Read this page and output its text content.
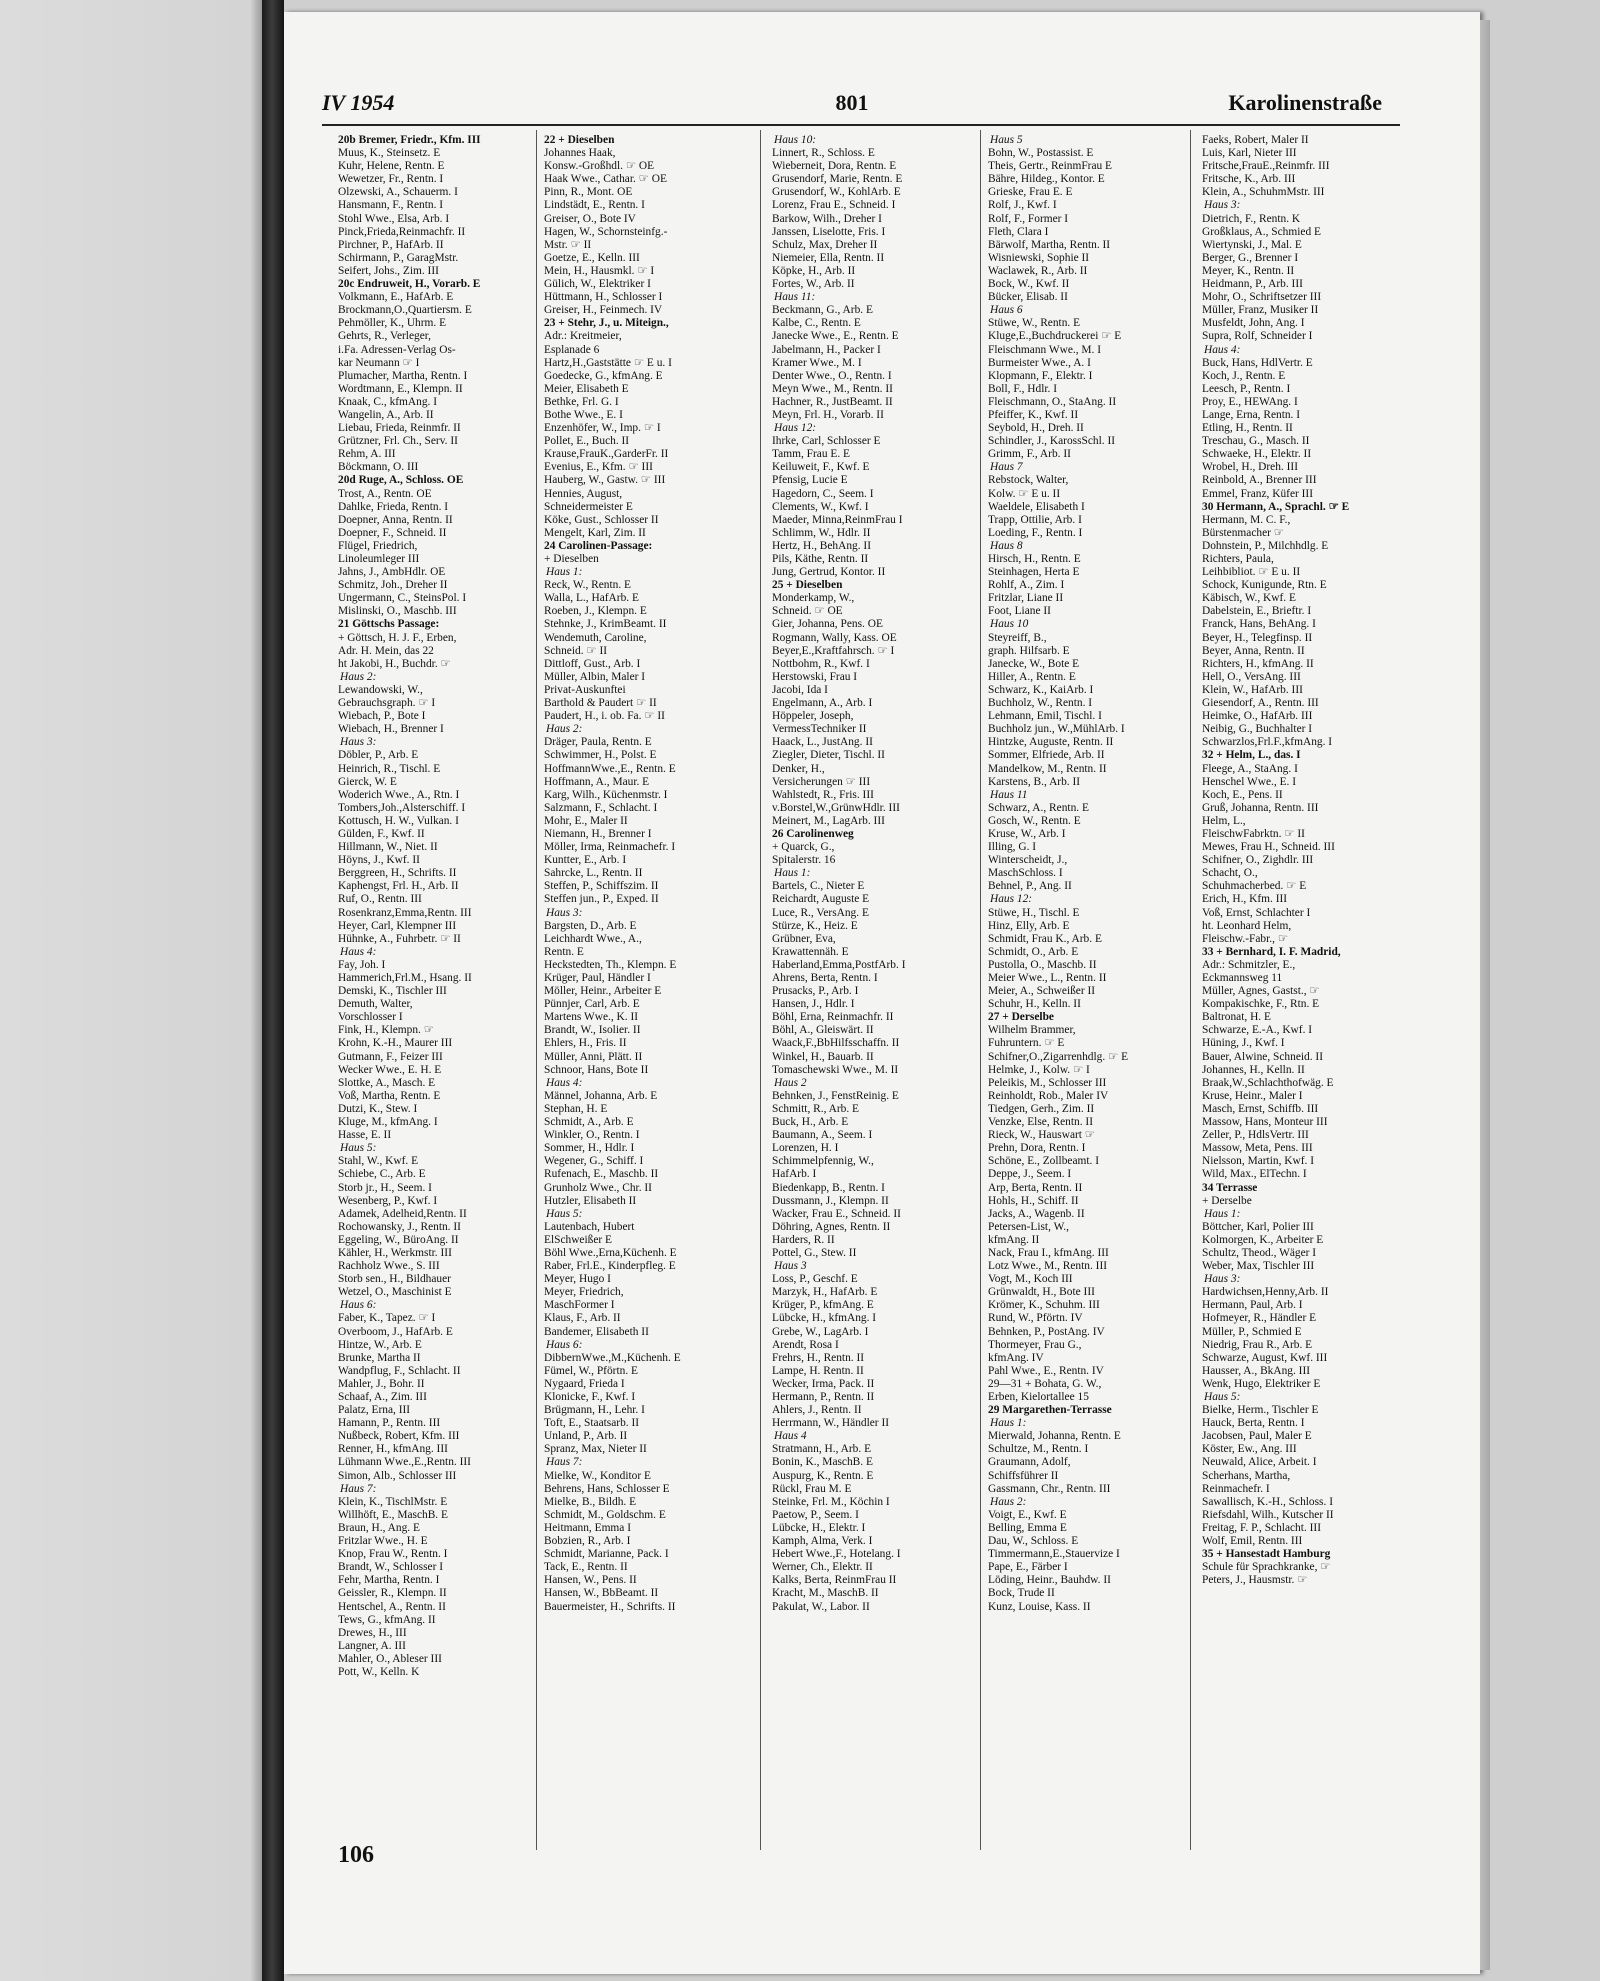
IV 1954	801	Karolinenstraße
20b Bremer, Friedr., Kfm. III
Muus, K., Steinsetz. E
Kuhr, Helene, Rentn. E
Wewetzer, Fr., Rentn. I
Olzewski, A., Schauerm. I
Hansmann, F., Rentn. I
Stohl Wwe., Elsa, Arb. I
Pinck,Frieda,Reinmachfr. II
Pirchner, P., HafArb. II
Schirmann, P., GaragMstr.
Seifert, Johs., Zim. III
20c Endruweit, H., Vorarb. E
Volkmann, E., HafArb. E
Brockmann,O.,Quartiersm. E
Pehmöller, K., Uhrm. E
Gehrts, R., Verleger,
i.Fa. Adressen-Verlag Os-
kar Neumann ☞ I
Plumacher, Martha, Rentn. I
Wordtmann, E., Klempn. II
Knaak, C., kfmAng. I
Wangelin, A., Arb. II
Liebau, Frieda, Reinmfr. II
Grützner, Frl. Ch., Serv. II
Rehm, A. III
Böckmann, O. III
20d Ruge, A., Schloss. OE
Trost, A., Rentn. OE
Dahlke, Frieda, Rentn. I
Doepner, Anna, Rentn. II
Doepner, F., Schneid. II
Flügel, Friedrich,
Linoleumleger III
Jahns, J., AmbHdlr. OE
Schmitz, Joh., Dreher II
Ungermann, C., SteinsPol. I
Mislinski, O., Maschb. III
21 Göttschs Passage:
+ Göttsch, H. J. F., Erben,
Adr. H. Mein, das 22
ht Jakobi, H., Buchdr. ☞
Haus 2:
Lewandowski, W.,
Gebrauchsgraph. ☞ I
Wiebach, P., Bote I
Wiebach, H., Brenner I
Haus 3:
Döbler, P., Arb. E
Heinrich, R., Tischl. E
Gierck, W. E
Woderich Wwe., A., Rtn. I
Tombers,Joh.,Alsterschiff. I
Kottusch, H. W., Vulkan. I
Gülden, F., Kwf. II
Hillmann, W., Niet. II
Höyns, J., Kwf. II
Berggreen, H., Schrifts. II
Kaphengst, Frl. H., Arb. II
Ruf, O., Rentn. III
Rosenkranz,Emma,Rentn. III
Heyer, Carl, Klempner III
Hühnke, A., Fuhrbetr. ☞ II
Haus 4:
Fay, Joh. I
Hammerich,Frl.M., Hsang. II
Demski, K., Tischler III
Demuth, Walter,
Vorschlosser I
Fink, H., Klempn. ☞
Krohn, K.-H., Maurer III
Gutmann, F., Feizer III
Wecker Wwe., E. H. E
Slottke, A., Masch. E
Voß, Martha, Rentn. E
Dutzi, K., Stew. I
Kluge, M., kfmAng. I
Hasse, E. II
Haus 5:
Stahl, W., Kwf. E
Schiebe, C., Arb. E
Storb jr., H., Seem. I
Wesenberg, P., Kwf. I
Adamek, Adelheid,Rentn. II
Rochowansky, J., Rentn. II
Eggeling, W., BüroAng. II
Kähler, H., Werkmstr. III
Rachholz Wwe., S. III
Storb sen., H., Bildhauer
Wetzel, O., Maschinist E
Haus 6:
Faber, K., Tapez. ☞ I
Overboom, J., HafArb. E
Hintze, W., Arb. E
Brunke, Martha II
Wandpflug, F., Schlacht. II
Mahler, J., Bohr. II
Schaaf, A., Zim. III
Palatz, Erna, III
Hamann, P., Rentn. III
Nußbeck, Robert, Kfm. III
Renner, H., kfmAng. III
Lühmann Wwe.,E.,Rentn. III
Simon, Alb., Schlosser III
Haus 7:
Klein, K., TischlMstr. E
Willhöft, E., MaschB. E
Braun, H., Ang. E
Fritzlar Wwe., H. E
Knop, Frau W., Rentn. I
Brandt, W., Schlosser I
Fehr, Martha, Rentn. I
Geissler, R., Klempn. II
Hentschel, A., Rentn. II
Tews, G., kfmAng. II
Drewes, H., III
Langner, A. III
Mahler, O., Ableser III
Pott, W., Kelln. K
22 + Dieselben
Johannes Haak,
Konsw.-Großhdl. ☞ OE
Haak Wwe., Cathar. ☞ OE
Pinn, R., Mont. OE
Lindstädt, E., Rentn. I
Greiser, O., Bote IV
Hagen, W., Schornsteinfg.-
Mstr. ☞ II
Goetze, E., Kelln. III
Mein, H., Hausmkl. ☞ I
Gülich, W., Elektriker I
Hüttmann, H., Schlosser I
Greiser, H., Feinmech. IV
23 + Stehr, J., u. Miteign.,
Adr.: Kreitmeier,
Esplanade 6
Hartz,H.,Gaststätte ☞ E u. I
Goedecke, G., kfmAng. E
Meier, Elisabeth E
Bethke, Frl. G. I
Bothe Wwe., E. I
Enzenhöfer, W., Imp. ☞ I
Pollet, E., Buch. II
Krause,FrauK.,GarderFr. II
Evenius, E., Kfm. ☞ III
Hauberg, W., Gastw. ☞ III
Hennies, August,
Schneidermeister E
Köke, Gust., Schlosser II
Mengelt, Karl, Zim. II
24 Carolinen-Passage:
+ Dieselben
Haus 1:
Reck, W., Rentn. E
Walla, L., HafArb. E
Roeben, J., Klempn. E
Stehnke, J., KrimBeamt. II
Wendemuth, Caroline,
Schneid. ☞ II
Dittloff, Gust., Arb. I
Müller, Albin, Maler I
Privat-Auskunftei
Barthold & Paudert ☞ II
Paudert, H., i. ob. Fa. ☞ II
Haus 2:
Dräger, Paula, Rentn. E
Schwimmer, H., Polst. E
HoffmannWwe.,E., Rentn. E
Hoffmann, A., Maur. E
Karg, Wilh., Küchenmstr. I
Salzmann, F., Schlacht. I
Mohr, E., Maler II
Niemann, H., Brenner I
Möller, Irma, Reinmachefr. I
Kuntter, E., Arb. I
Sahrcke, L., Rentn. II
Steffen, P., Schiffszim. II
Steffen jun., P., Exped. II
Haus 3:
Bargsten, D., Arb. E
Leichhardt Wwe., A.,
Rentn. E
Heckstedten, Th., Klempn. E
Krüger, Paul, Händler I
Möller, Heinr., Arbeiter E
Pünnjer, Carl, Arb. E
Martens Wwe., K. II
Brandt, W., Isolier. II
Ehlers, H., Fris. II
Müller, Anni, Plätt. II
Schnoor, Hans, Bote II
Haus 4:
Männel, Johanna, Arb. E
Stephan, H. E
Schmidt, A., Arb. E
Winkler, O., Rentn. I
Sommer, H., Hdlr. I
Wegener, G., Schiff. I
Rufenach, E., Maschb. II
Grunholz Wwe., Chr. II
Hutzler, Elisabeth II
Haus 5:
Lautenbach, Hubert
ElSchweißer E
Böhl Wwe.,Erna,Küchenh. E
Raber, Frl.E., Kinderpfleg. E
Meyer, Hugo I
Meyer, Friedrich,
MaschFormer I
Klaus, F., Arb. II
Bandemer, Elisabeth II
Haus 6:
DibbernWwe.,M.,Küchenh. E
Fümel, W., Pförtn. E
Nygaard, Frieda I
Klonicke, F., Kwf. I
Brügmann, H., Lehr. I
Toft, E., Staatsarb. II
Unland, P., Arb. II
Spranz, Max, Nieter II
Haus 7:
Mielke, W., Konditor E
Behrens, Hans, Schlosser E
Mielke, B., Bildh. E
Schmidt, M., Goldschm. E
Heitmann, Emma I
Bobzien, R., Arb. I
Schmidt, Marianne, Pack. I
Tack, E., Rentn. II
Hansen, W., Pens. II
Hansen, W., BbBeamt. II
Bauermeister, H., Schrifts. II
Haus 10:
Linnert, R., Schloss. E
Wieberneit, Dora, Rentn. E
Grusendorf, Marie, Rentn. E
Grusendorf, W., KohlArb. E
Lorenz, Frau E., Schneid. I
Barkow, Wilh., Dreher I
Janssen, Liselotte, Fris. I
Schulz, Max, Dreher II
Niemeier, Ella, Rentn. II
Köpke, H., Arb. II
Fortes, W., Arb. II
Haus 11:
Beckmann, G., Arb. E
Kalbe, C., Rentn. E
Janecke Wwe., E., Rentn. E
Jabelmann, H., Packer I
Kramer Wwe., M. I
Denter Wwe., O., Rentn. I
Meyn Wwe., M., Rentn. II
Hachner, R., JustBeamt. II
Meyn, Frl. H., Vorarb. II
Haus 12:
Ihrke, Carl, Schlosser E
Tamm, Frau E. E
Keiluweit, F., Kwf. E
Pfensig, Lucie E
Hagedorn, C., Seem. I
Clements, W., Kwf. I
Maeder, Minna,ReinmFrau I
Schlimm, W., Hdlr. II
Hertz, H., BehAng. II
Pils, Käthe, Rentn. II
Jung, Gertrud, Kontor. II
25 + Dieselben
Monderkamp, W.,
Schneid. ☞ OE
Gier, Johanna, Pens. OE
Rogmann, Wally, Kass. OE
Beyer,E.,Kraftfahrsch. ☞ I
Nottbohm, R., Kwf. I
Herstowski, Frau I
Jacobi, Ida I
Engelmann, A., Arb. I
Höppeler, Joseph,
VermessTechniker II
Haack, L., JustAng. II
Ziegler, Dieter, Tischl. II
Denker, H.,
Versicherungen ☞ III
Wahlstedt, R., Fris. III
v.Borstel,W.,GrünwHdlr. III
Meinert, M., LagArb. III
26 Carolinenweg
+ Quarck, G.,
Spitalerstr. 16
Haus 1:
Bartels, C., Nieter E
Reichardt, Auguste E
Luce, R., VersAng. E
Stürze, K., Heiz. E
Grübner, Eva,
Krawattennäh. E
Haberland,Emma,PostfArb. I
Ahrens, Berta, Rentn. I
Prusacks, P., Arb. I
Hansen, J., Hdlr. I
Böhl, Erna, Reinmachfr. II
Böhl, A., Gleiswärt. II
Waack,F.,BbHilfsschaffn. II
Winkel, H., Bauarb. II
Tomaschewski Wwe., M. II
Haus 2
Behnken, J., FenstReinig. E
Schmitt, R., Arb. E
Buck, H., Arb. E
Baumann, A., Seem. I
Lorenzen, H. I
Schimmelpfennig, W.,
HafArb. I
Biedenkapp, B., Rentn. I
Dussmann, J., Klempn. II
Wacker, Frau E., Schneid. II
Döhring, Agnes, Rentn. II
Harders, R. II
Pottel, G., Stew. II
Haus 3
Loss, P., Geschf. E
Marzyk, H., HafArb. E
Krüger, P., kfmAng. E
Lübcke, H., kfmAng. I
Grebe, W., LagArb. I
Arendt, Rosa I
Frehrs, H., Rentn. II
Lampe, H. Rentn. II
Wecker, Irma, Pack. II
Hermann, P., Rentn. II
Ahlers, J., Rentn. II
Herrmann, W., Händler II
Haus 4
Stratmann, H., Arb. E
Bonin, K., MaschB. E
Auspurg, K., Rentn. E
Rückl, Frau M. E
Steinke, Frl. M., Köchin I
Paetow, P., Seem. I
Lübcke, H., Elektr. I
Kamph, Alma, Verk. I
Hebert Wwe.,F., Hotelang. I
Werner, Ch., Elektr. II
Kalks, Berta, ReinmFrau II
Kracht, M., MaschB. II
Pakulat, W., Labor. II
Haus 5
Bohn, W., Postassist. E
Theis, Gertr., ReinmFrau E
Bähre, Hildeg., Kontor. E
Grieske, Frau E. E
Rolf, J., Kwf. I
Rolf, F., Former I
Fleth, Clara I
Bärwolf, Martha, Rentn. II
Wisniewski, Sophie II
Waclawek, R., Arb. II
Bock, W., Kwf. II
Bücker, Elisab. II
Haus 6
Stüwe, W., Rentn. E
Kluge,E.,Buchdruckerei ☞ E
Fleischmann Wwe., M. I
Burmeister Wwe., A. I
Klopmann, F., Elektr. I
Boll, F., Hdlr. I
Fleischmann, O., StaAng. II
Pfeiffer, K., Kwf. II
Seybold, H., Dreh. II
Schindler, J., KarossSchl. II
Grimm, F., Arb. II
Haus 7
Rebstock, Walter,
Kolw. ☞ E u. II
Waeldele, Elisabeth I
Trapp, Ottilie, Arb. I
Loeding, F., Rentn. I
Haus 8
Hirsch, H., Rentn. E
Steinhagen, Herta E
Rohlf, A., Zim. I
Fritzlar, Liane II
Foot, Liane II
Haus 10
Steyreiff, B.,
graph. Hilfsarb. E
Janecke, W., Bote E
Hiller, A., Rentn. E
Schwarz, K., KaiArb. I
Buchholz, W., Rentn. I
Lehmann, Emil, Tischl. I
Buchholz jun., W.,MühlArb. I
Hintzke, Auguste, Rentn. II
Sommer, Elfriede, Arb. II
Mandelkow, M., Rentn. II
Karstens, B., Arb. II
Haus 11
Schwarz, A., Rentn. E
Gosch, W., Rentn. E
Kruse, W., Arb. I
Illing, G. I
Winterscheidt, J.,
MaschSchloss. I
Behnel, P., Ang. II
Haus 12:
Stüwe, H., Tischl. E
Hinz, Elly, Arb. E
Schmidt, Frau K., Arb. E
Schmidt, O., Arb. E
Pustolla, O., Maschb. II
Meier Wwe., L., Rentn. II
Meier, A., Schweißer II
Schuhr, H., Kelln. II
27 + Derselbe
Wilhelm Brammer,
Fuhruntern. ☞ E
Schifner,O.,Zigarrenhdlg. ☞ E
Helmke, J., Kolw. ☞ I
Peleikis, M., Schlosser III
Reinholdt, Rob., Maler IV
Tiedgen, Gerh., Zim. II
Venzke, Else, Rentn. II
Rieck, W., Hauswart ☞
Prehn, Dora, Rentn. I
Schöne, E., Zollbeamt. I
Deppe, J., Seem. I
Arp, Berta, Rentn. II
Hohls, H., Schiff. II
Jacks, A., Wagenb. II
Petersen-List, W.,
kfmAng. II
Nack, Frau I., kfmAng. III
Lotz Wwe., M., Rentn. III
Vogt, M., Koch III
Grünwaldt, H., Bote III
Krömer, K., Schuhm. III
Rund, W., Pförtn. IV
Behnken, P., PostAng. IV
Thormeyer, Frau G.,
kfmAng. IV
Pahl Wwe., E., Rentn. IV
29—31 + Bohata, G. W.,
Erben, Kielortallee 15
29 Margarethen-Terrasse
Haus 1:
Mierwald, Johanna, Rentn. E
Schultze, M., Rentn. I
Graumann, Adolf,
Schiffsführer II
Gassmann, Chr., Rentn. III
Haus 2:
Voigt, E., Kwf. E
Belling, Emma E
Dau, W., Schloss. E
Timmermann,E.,Stauervize I
Pape, E., Färber I
Löding, Heinr., Bauhdw. II
Bock, Trude II
Kunz, Louise, Kass. II
Faeks, Robert, Maler II
Luis, Karl, Nieter III
Fritsche,FrauE.,Reinmfr. III
Fritsche, K., Arb. III
Klein, A., SchuhmMstr. III
Haus 3:
Dietrich, F., Rentn. K
Großklaus, A., Schmied E
Wiertynski, J., Mal. E
Berger, G., Brenner I
Meyer, K., Rentn. II
Heidmann, P., Arb. III
Mohr, O., Schriftsetzer III
Müller, Franz, Musiker II
Musfeldt, John, Ang. I
Supra, Rolf, Schneider I
Haus 4:
Buck, Hans, HdlVertr. E
Koch, J., Rentn. E
Leesch, P., Rentn. I
Proy, E., HEWAng. I
Lange, Erna, Rentn. I
Etling, H., Rentn. II
Treschau, G., Masch. II
Schwaeke, H., Elektr. II
Wrobel, H., Dreh. III
Reinbold, A., Brenner III
Emmel, Franz, Küfer III
30 Hermann, A., Sprachl. ☞ E
Hermann, M. C. F.,
Bürstenmacher ☞
Dohnstein, P., Milchhdlg. E
Richters, Paula,
Leihbibliot. ☞ E u. II
Schock, Kunigunde, Rtn. E
Käbisch, W., Kwf. E
Dabelstein, E., Brieftr. I
Franck, Hans, BehAng. I
Beyer, H., Telegfinsp. II
Beyer, Anna, Rentn. II
Richters, H., kfmAng. II
Hell, O., VersAng. III
Klein, W., HafArb. III
Giesendorf, A., Rentn. III
Heimke, O., HafArb. III
Neibig, G., Buchhalter I
Schwarzlos,Frl.F.,kfmAng. I
32 + Helm, L., das. I
Fleege, A., StaAng. I
Henschel Wwe., E. I
Koch, E., Pens. II
Gruß, Johanna, Rentn. III
Helm, L.,
FleischwFabrktn. ☞ II
Mewes, Frau H., Schneid. III
Schifner, O., Zighdlr. III
Schacht, O.,
Schuhmacherbed. ☞ E
Erich, H., Kfm. III
Voß, Ernst, Schlachter I
ht. Leonhard Helm,
Fleischw.-Fabr., ☞
33 + Bernhard, I. F. Madrid,
Adr.: Schmitzler, E.,
Eckmannsweg 11
Müller, Agnes, Gastst., ☞
Kompakischke, F., Rtn. E
Baltronat, H. E
Schwarze, E.-A., Kwf. I
Hüning, J., Kwf. I
Bauer, Alwine, Schneid. II
Johannes, H., Kelln. II
Braak,W.,Schlachthofwäg. E
Kruse, Heinr., Maler I
Masch, Ernst, Schiffb. III
Massow, Hans, Monteur III
Zeller, P., HdlsVertr. III
Massow, Meta, Pens. III
Nielsson, Martin, Kwf. I
Wild, Max., ElTechn. I
34 Terrasse
+ Derselbe
Haus 1:
Böttcher, Karl, Polier III
Kolmorgen, K., Arbeiter E
Schultz, Theod., Wäger I
Weber, Max, Tischler III
Haus 3:
Hardwichsen,Henny,Arb. II
Hermann, Paul, Arb. I
Hofmeyer, R., Händler E
Müller, P., Schmied E
Niedrig, Frau R., Arb. E
Schwarze, August, Kwf. III
Hausser, A., BkAng. III
Wenk, Hugo, Elektriker E
Haus 5:
Bielke, Herm., Tischler E
Hauck, Berta, Rentn. I
Jacobsen, Paul, Maler E
Köster, Ew., Ang. III
Neuwald, Alice, Arbeit. I
Scherhans, Martha,
Reinmachefr. I
Sawallisch, K.-H., Schloss. I
Riefsdahl, Wilh., Kutscher II
Freitag, F. P., Schlacht. III
Wolf, Emil, Rentn. III
35 + Hansestadt Hamburg
Schule für Sprachkranke, ☞
Peters, J., Hausmstr. ☞
106
